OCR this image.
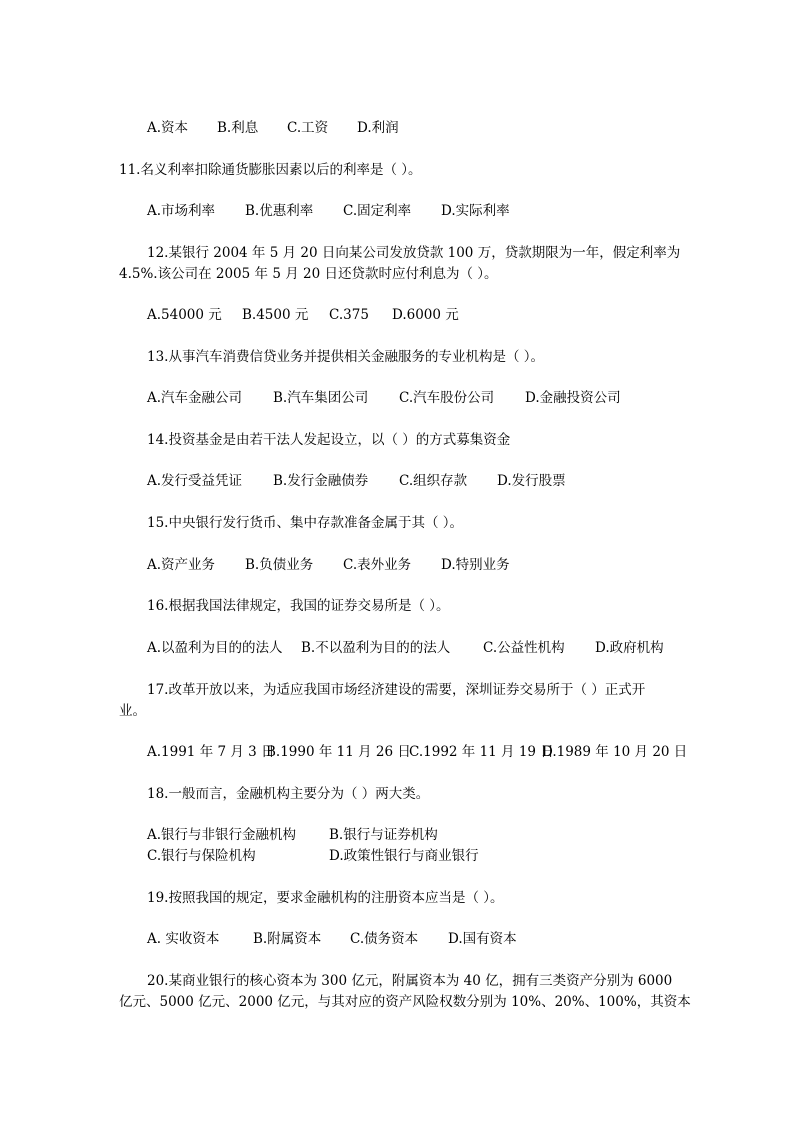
A.资本 B.利息 C.工资 D.利润
11.名义利率扣除通货膨胀因素以后的利率是（ ）。
A.市场利率 B.优惠利率 C.固定利率 D.实际利率
12.某银行 2004 年 5 月 20 日向某公司发放贷款 100 万，贷款期限为一年，假定利率为
4.5%.该公司在 2005 年 5 月 20 日还贷款时应付利息为（ ）。
A.54000 元 B.4500 元 C.375 D.6000 元
13.从事汽车消费信贷业务并提供相关金融服务的专业机构是（ ）。
A.汽车金融公司 B.汽车集团公司 C.汽车股份公司 D.金融投资公司
14.投资基金是由若干法人发起设立，以（ ）的方式募集资金
A.发行受益凭证 B.发行金融债券 C.组织存款 D.发行股票
15.中央银行发行货币、集中存款准备金属于其（ ）。
A.资产业务 B.负债业务 C.表外业务 D.特别业务
16.根据我国法律规定，我国的证券交易所是（ ）。
A.以盈利为目的的法人 B.不以盈利为目的的法人 C.公益性机构 D.政府机构
17.改革开放以来，为适应我国市场经济建设的需要，深圳证券交易所于（ ）正式开
业。
A.1991 年 7 月 3 日
B.1990 年 11 月 26 日
C.1992 年 11 月 19 日
D.1989 年 10 月 20 日
18.一般而言，金融机构主要分为（ ）两大类。
A.银行与非银行金融机构 B.银行与证券机构
C.银行与保险机构	D.政策性银行与商业银行
19.按照我国的规定，要求金融机构的注册资本应当是（ ）。
A. 实收资本 B.附属资本 C.债务资本 D.国有资本
20.某商业银行的核心资本为 300 亿元，附属资本为 40 亿，拥有三类资产分别为 6000
亿元、5000 亿元、2000 亿元，与其对应的资产风险权数分别为 10%、20%、100%，其资本
